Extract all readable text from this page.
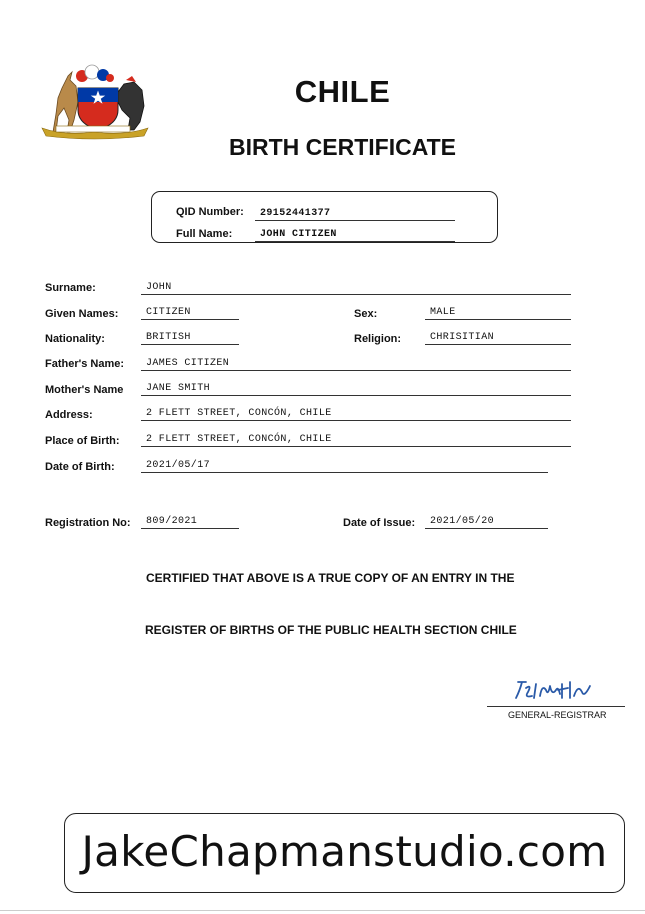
CHILE
BIRTH CERTIFICATE
QID Number:	29152441377
Full Name:	JOHN CITIZEN
Surname:	JOHN
Given Names:	CITIZEN	Sex:	MALE
Nationality:	BRITISH	Religion:	CHRISITIAN
Father's Name:	JAMES CITIZEN
Mother's Name	JANE SMITH
Address:	2 FLETT STREET, CONCÓN, CHILE
Place of Birth:	2 FLETT STREET, CONCÓN, CHILE
Date of Birth:	2021/05/17
Registration No:	809/2021	Date of Issue:	2021/05/20
CERTIFIED THAT ABOVE IS A TRUE COPY OF AN ENTRY IN THE
REGISTER OF BIRTHS OF THE PUBLIC HEALTH SECTION CHILE
GENERAL-REGISTRAR
JakeChapmanstudio.com
